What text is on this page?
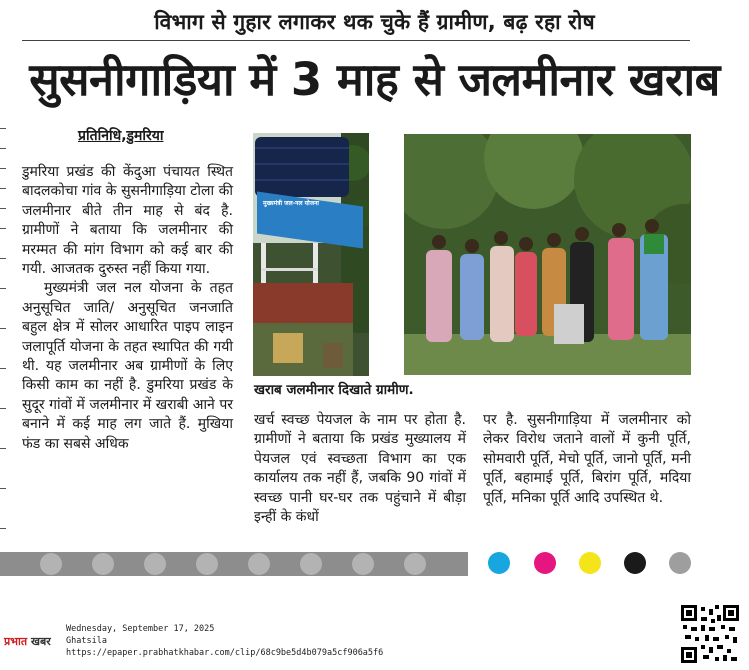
विभाग से गुहार लगाकर थक चुके हैं ग्रामीण, बढ़ रहा रोष
सुसनीगाड़िया में 3 माह से जलमीनार खराब
प्रतिनिधि,डुमरिया

डुमरिया प्रखंड की केंदुआ पंचायत स्थित बादलकोचा गांव के सुसनीगाड़िया टोला की जलमीनार बीते तीन माह से बंद है. ग्रामीणों ने बताया कि जलमीनार की मरम्मत की मांग विभाग को कई बार की गयी. आजतक दुरुस्त नहीं किया गया.

मुख्यमंत्री जल नल योजना के तहत अनुसूचित जाति/ अनुसूचित जनजाति बहुल क्षेत्र में सोलर आधारित पाइप लाइन जलापूर्ति योजना के तहत स्थापित की गयी थी. यह जलमीनार अब ग्रामीणों के लिए किसी काम का नहीं है. डुमरिया प्रखंड के सुदूर गांवों में जलमीनार में खराबी आने पर बनाने में कई माह लग जाते हैं. मुखिया फंड का सबसे अधिक

मुख्यमंत्री जल-नल योजना
खराब जलमीनार दिखाते ग्रामीण.

खर्च स्वच्छ पेयजल के नाम पर होता है. ग्रामीणों ने बताया कि प्रखंड मुख्यालय में पेयजल एवं स्वच्छता विभाग का एक कार्यालय तक नहीं हैं, जबकि 90 गांवों में स्वच्छ पानी घर-घर तक पहुंचाने में बीड़ा इन्हीं के कंधों

पर है. सुसनीगाड़िया में जलमीनार को लेकर विरोध जताने वालों में कुनी पूर्ति, सोमवारी पूर्ति, मेचो पूर्ति, जानो पूर्ति, मनी पूर्ति, बहामाई पूर्ति, बिरांग पूर्ति, मदिया पूर्ति, मनिका पूर्ति आदि उपस्थित थे.

प्रभात खबर
Wednesday, September 17, 2025
Ghatsila
https://epaper.prabhatkhabar.com/clip/68c9be5d4b079a5cf906a5f6
